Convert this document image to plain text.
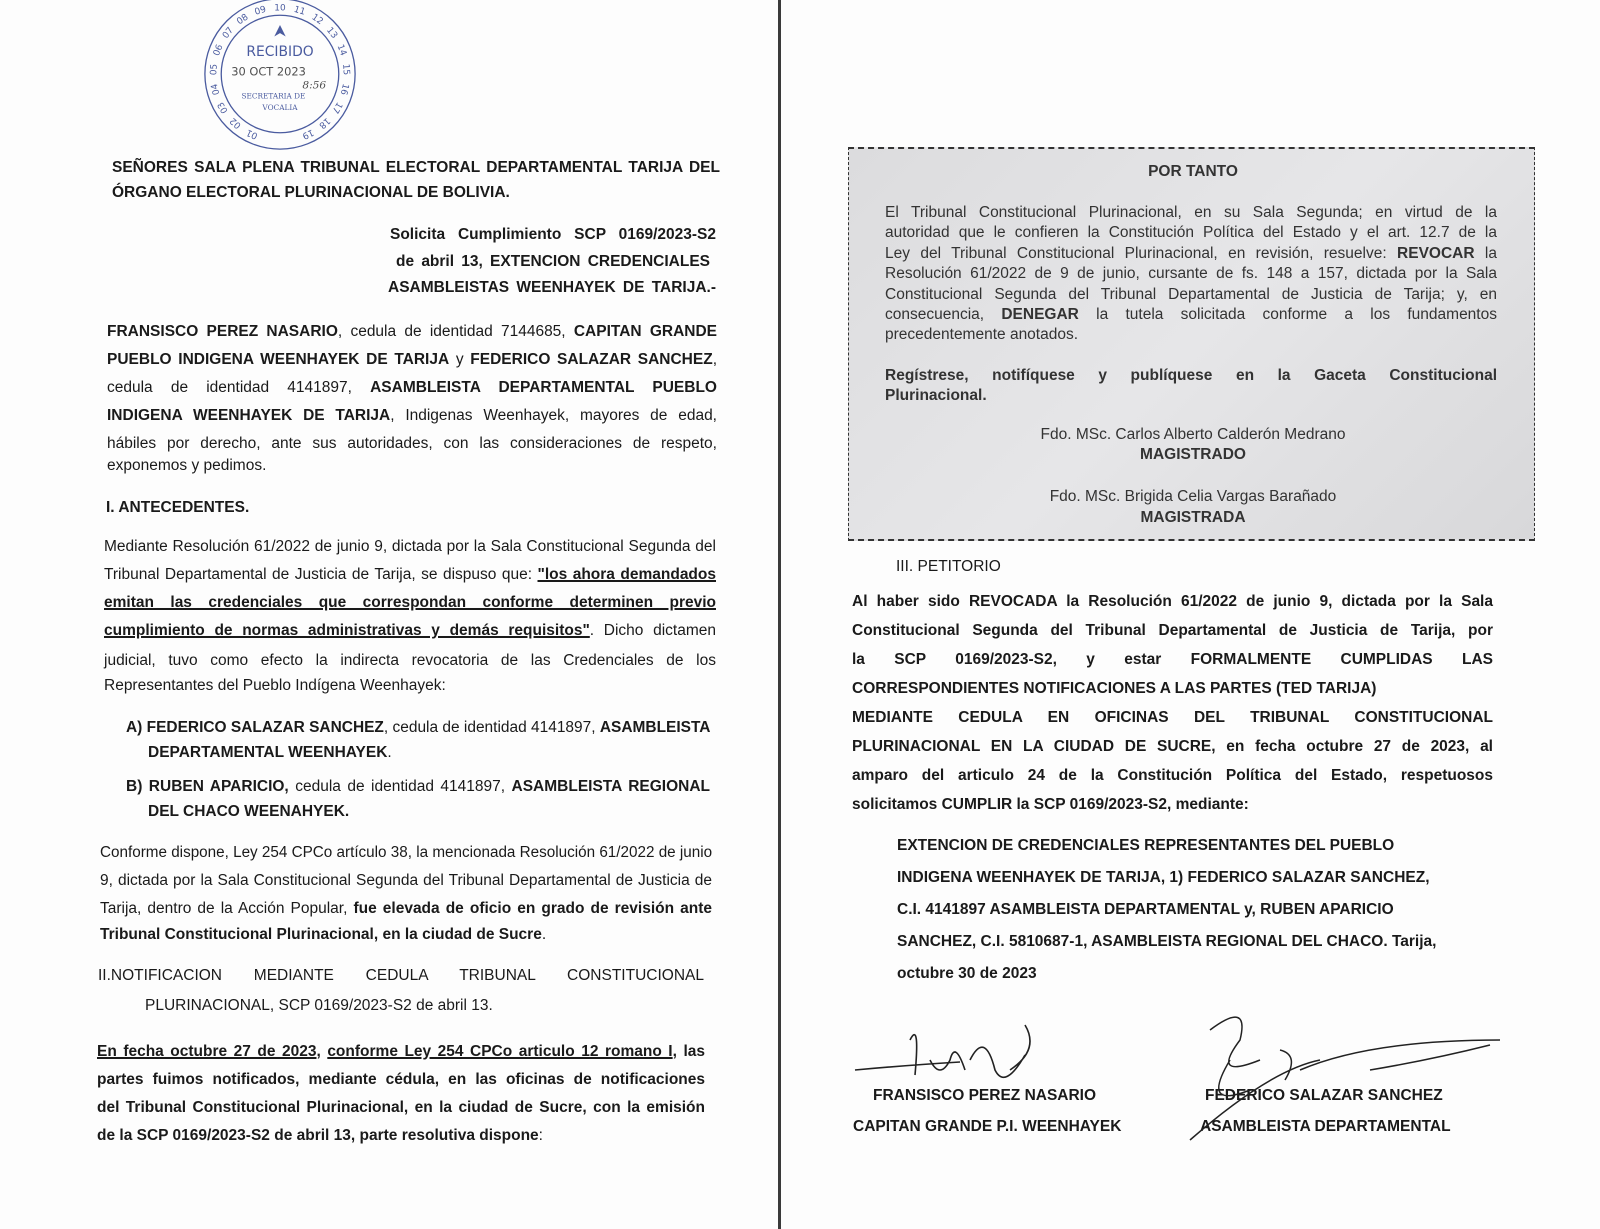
01
02
03
04
05
06
07
08
09 10 11
12
13
14
15
16
17
18
19
RECIBIDO
30 OCT 2023
8:56
SECRETARIA DE
VOCALIA
SEÑORES SALA PLENA TRIBUNAL ELECTORAL DEPARTAMENTAL TARIJA DEL
ÓRGANO ELECTORAL PLURINACIONAL DE BOLIVIA.
Solicita Cumplimiento SCP 0169/2023-S2
de abril 13, EXTENCION CREDENCIALES
ASAMBLEISTAS WEENHAYEK DE TARIJA.-
FRANSISCO PEREZ NASARIO, cedula de identidad 7144685, CAPITAN GRANDE
PUEBLO INDIGENA WEENHAYEK DE TARIJA y FEDERICO SALAZAR SANCHEZ,
cedula de identidad 4141897, ASAMBLEISTA DEPARTAMENTAL PUEBLO
INDIGENA WEENHAYEK DE TARIJA, Indigenas Weenhayek, mayores de edad,
hábiles por derecho, ante sus autoridades, con las consideraciones de respeto,
exponemos y pedimos.
I. ANTECEDENTES.
Mediante Resolución 61/2022 de junio 9, dictada por la Sala Constitucional Segunda del
Tribunal Departamental de Justicia de Tarija, se dispuso que: "los ahora demandados
emitan las credenciales que correspondan conforme determinen previo
cumplimiento de normas administrativas y demás requisitos". Dicho dictamen
judicial, tuvo como efecto la indirecta revocatoria de las Credenciales de los
Representantes del Pueblo Indígena Weenhayek:
A) FEDERICO SALAZAR SANCHEZ, cedula de identidad 4141897, ASAMBLEISTA
DEPARTAMENTAL WEENHAYEK.
B) RUBEN APARICIO, cedula de identidad 4141897, ASAMBLEISTA REGIONAL
DEL CHACO WEENAHYEK.
Conforme dispone, Ley 254 CPCo artículo 38, la mencionada Resolución 61/2022 de junio
9, dictada por la Sala Constitucional Segunda del Tribunal Departamental de Justicia de
Tarija, dentro de la Acción Popular, fue elevada de oficio en grado de revisión ante
Tribunal Constitucional Plurinacional, en la ciudad de Sucre.
II.NOTIFICACION MEDIANTE CEDULA TRIBUNAL CONSTITUCIONAL
PLURINACIONAL, SCP 0169/2023-S2 de abril 13.
En fecha octubre 27 de 2023, conforme Ley 254 CPCo articulo 12 romano I, las
partes fuimos notificados, mediante cédula, en las oficinas de notificaciones
del Tribunal Constitucional Plurinacional, en la ciudad de Sucre, con la emisión
de la SCP 0169/2023-S2 de abril 13, parte resolutiva dispone:
POR TANTO
El Tribunal Constitucional Plurinacional, en su Sala Segunda; en virtud de la
autoridad que le confieren la Constitución Política del Estado y el art. 12.7 de la
Ley del Tribunal Constitucional Plurinacional, en revisión, resuelve: REVOCAR la
Resolución 61/2022 de 9 de junio, cursante de fs. 148 a 157, dictada por la Sala
Constitucional Segunda del Tribunal Departamental de Justicia de Tarija; y, en
consecuencia, DENEGAR la tutela solicitada conforme a los fundamentos
precedentemente anotados.
Regístrese, notifíquese y publíquese en la Gaceta Constitucional
Plurinacional.
Fdo. MSc. Carlos Alberto Calderón Medrano
MAGISTRADO
Fdo. MSc. Brigida Celia Vargas Barañado
MAGISTRADA
III. PETITORIO
Al haber sido REVOCADA la Resolución 61/2022 de junio 9, dictada por la Sala
Constitucional Segunda del Tribunal Departamental de Justicia de Tarija, por
la SCP 0169/2023-S2, y estar FORMALMENTE CUMPLIDAS LAS
CORRESPONDIENTES NOTIFICACIONES A LAS PARTES (TED TARIJA)
MEDIANTE CEDULA EN OFICINAS DEL TRIBUNAL CONSTITUCIONAL
PLURINACIONAL EN LA CIUDAD DE SUCRE, en fecha octubre 27 de 2023, al
amparo del articulo 24 de la Constitución Política del Estado, respetuosos
solicitamos CUMPLIR la SCP 0169/2023-S2, mediante:
EXTENCION DE CREDENCIALES REPRESENTANTES DEL PUEBLO
INDIGENA WEENHAYEK DE TARIJA, 1) FEDERICO SALAZAR SANCHEZ,
C.I. 4141897 ASAMBLEISTA DEPARTAMENTAL y, RUBEN APARICIO
SANCHEZ, C.I. 5810687-1, ASAMBLEISTA REGIONAL DEL CHACO. Tarija,
octubre 30 de 2023
FRANSISCO PEREZ NASARIO
CAPITAN GRANDE P.I. WEENHAYEK
FEDERICO SALAZAR SANCHEZ
ASAMBLEISTA DEPARTAMENTAL
